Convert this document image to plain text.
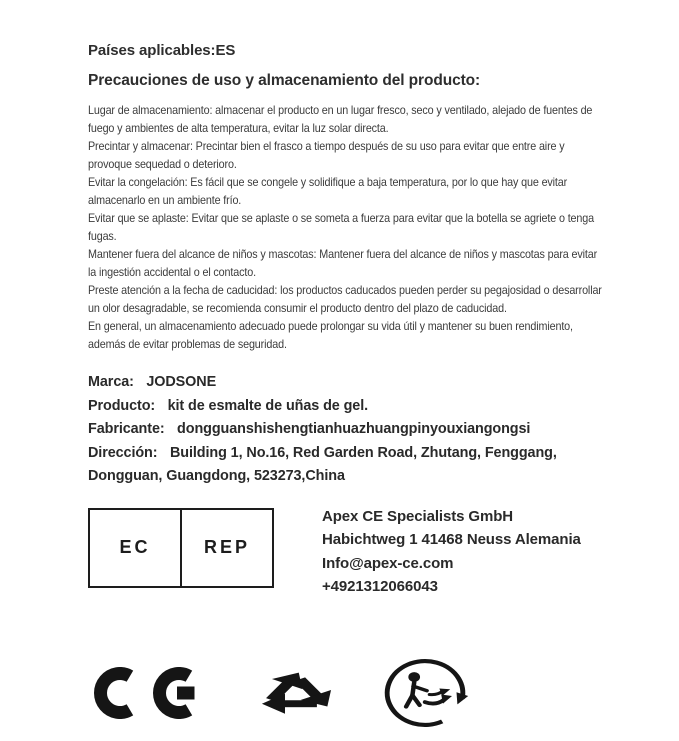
Países aplicables:ES
Precauciones de uso y almacenamiento del producto:
Lugar de almacenamiento: almacenar el producto en un lugar fresco, seco y ventilado, alejado de fuentes de
fuego y ambientes de alta temperatura, evitar la luz solar directa.
Precintar y almacenar: Precintar bien el frasco a tiempo después de su uso para evitar que entre aire y
provoque sequedad o deterioro.
Evitar la congelación: Es fácil que se congele y solidifique a baja temperatura, por lo que hay que evitar
almacenarlo en un ambiente frío.
Evitar que se aplaste: Evitar que se aplaste o se someta a fuerza para evitar que la botella se agriete o tenga
fugas.
Mantener fuera del alcance de niños y mascotas: Mantener fuera del alcance de niños y mascotas para evitar
la ingestión accidental o el contacto.
Preste atención a la fecha de caducidad: los productos caducados pueden perder su pegajosidad o desarrollar
un olor desagradable, se recomienda consumir el producto dentro del plazo de caducidad.
En general, un almacenamiento adecuado puede prolongar su vida útil y mantener su buen rendimiento,
además de evitar problemas de seguridad.
Marca: JODSONE
Producto: kit de esmalte de uñas de gel.
Fabricante: dongguanshishengtianhuazhuangpinyouxiangongsi
Dirección: Building 1, No.16, Red Garden Road, Zhutang, Fenggang,
Dongguan, Guangdong, 523273,China
EC	REP
Apex CE Specialists GmbH
Habichtweg 1 41468 Neuss Alemania
Info@apex-ce.com
+4921312066043
